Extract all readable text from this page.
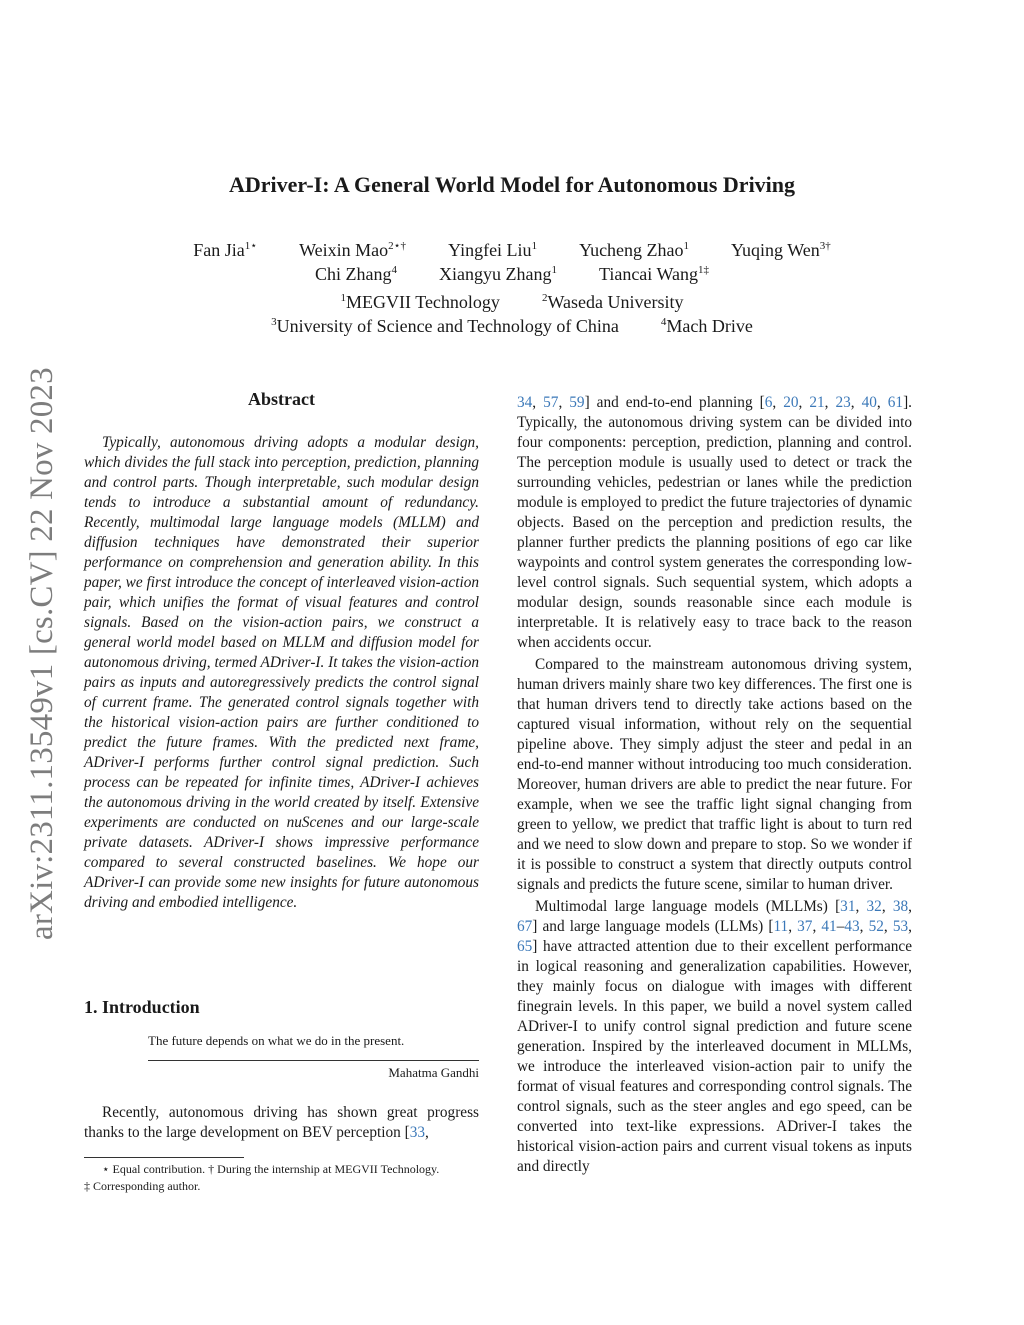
arXiv:2311.13549v1 [cs.CV] 22 Nov 2023
ADriver-I: A General World Model for Autonomous Driving
Fan Jia$^{1⋆}$ Weixin Mao$^{2⋆\dagger}$ Yingfei Liu$^1$ Yucheng Zhao$^1$ Yuqing Wen$^{3\dagger}$
Chi Zhang$^4$ Xiangyu Zhang$^1$ Tiancai Wang$^{1\ddagger}$
$^1$MEGVII Technology	$^2$Waseda University
$^3$University of Science and Technology of China	$^4$Mach Drive
Abstract
Typically, autonomous driving adopts a modular design, which divides the full stack into perception, prediction, planning and control parts. Though interpretable, such modular design tends to introduce a substantial amount of redundancy. Recently, multimodal large language models (MLLM) and diffusion techniques have demonstrated their superior performance on comprehension and generation ability. In this paper, we first introduce the concept of interleaved vision-action pair, which unifies the format of visual features and control signals. Based on the vision-action pairs, we construct a general world model based on MLLM and diffusion model for autonomous driving, termed ADriver-I. It takes the vision-action pairs as inputs and autoregressively predicts the control signal of current frame. The generated control signals together with the historical vision-action pairs are further conditioned to predict the future frames. With the predicted next frame, ADriver-I performs further control signal prediction. Such process can be repeated for infinite times, ADriver-I achieves the autonomous driving in the world created by itself. Extensive experiments are conducted on nuScenes and our large-scale private datasets. ADriver-I shows impressive performance compared to several constructed baselines. We hope our ADriver-I can provide some new insights for future autonomous driving and embodied intelligence.
1. Introduction
The future depends on what we do in the present.
Mahatma Gandhi
Recently, autonomous driving has shown great progress thanks to the large development on BEV perception [33,
⋆ Equal contribution. † During the internship at MEGVII Technology.
‡ Corresponding author.

34, 57, 59] and end-to-end planning [6, 20, 21, 23, 40, 61]. Typically, the autonomous driving system can be divided into four components: perception, prediction, planning and control. The perception module is usually used to detect or track the surrounding vehicles, pedestrian or lanes while the prediction module is employed to predict the future trajectories of dynamic objects. Based on the perception and prediction results, the planner further predicts the planning positions of ego car like waypoints and control system generates the corresponding low-level control signals. Such sequential system, which adopts a modular design, sounds reasonable since each module is interpretable. It is relatively easy to trace back to the reason when accidents occur.

Compared to the mainstream autonomous driving system, human drivers mainly share two key differences. The first one is that human drivers tend to directly take actions based on the captured visual information, without rely on the sequential pipeline above. They simply adjust the steer and pedal in an end-to-end manner without introducing too much consideration. Moreover, human drivers are able to predict the near future. For example, when we see the traffic light signal changing from green to yellow, we predict that traffic light is about to turn red and we need to slow down and prepare to stop. So we wonder if it is possible to construct a system that directly outputs control signals and predicts the future scene, similar to human driver.

Multimodal large language models (MLLMs) [31, 32, 38, 67] and large language models (LLMs) [11, 37, 41–43, 52, 53, 65] have attracted attention due to their excellent performance in logical reasoning and generalization capabilities. However, they mainly focus on dialogue with images with different finegrain levels. In this paper, we build a novel system called ADriver-I to unify control signal prediction and future scene generation. Inspired by the interleaved document in MLLMs, we introduce the interleaved vision-action pair to unify the format of visual features and corresponding control signals. The control signals, such as the steer angles and ego speed, can be converted into text-like expressions. ADriver-I takes the historical vision-action pairs and current visual tokens as inputs and directly
